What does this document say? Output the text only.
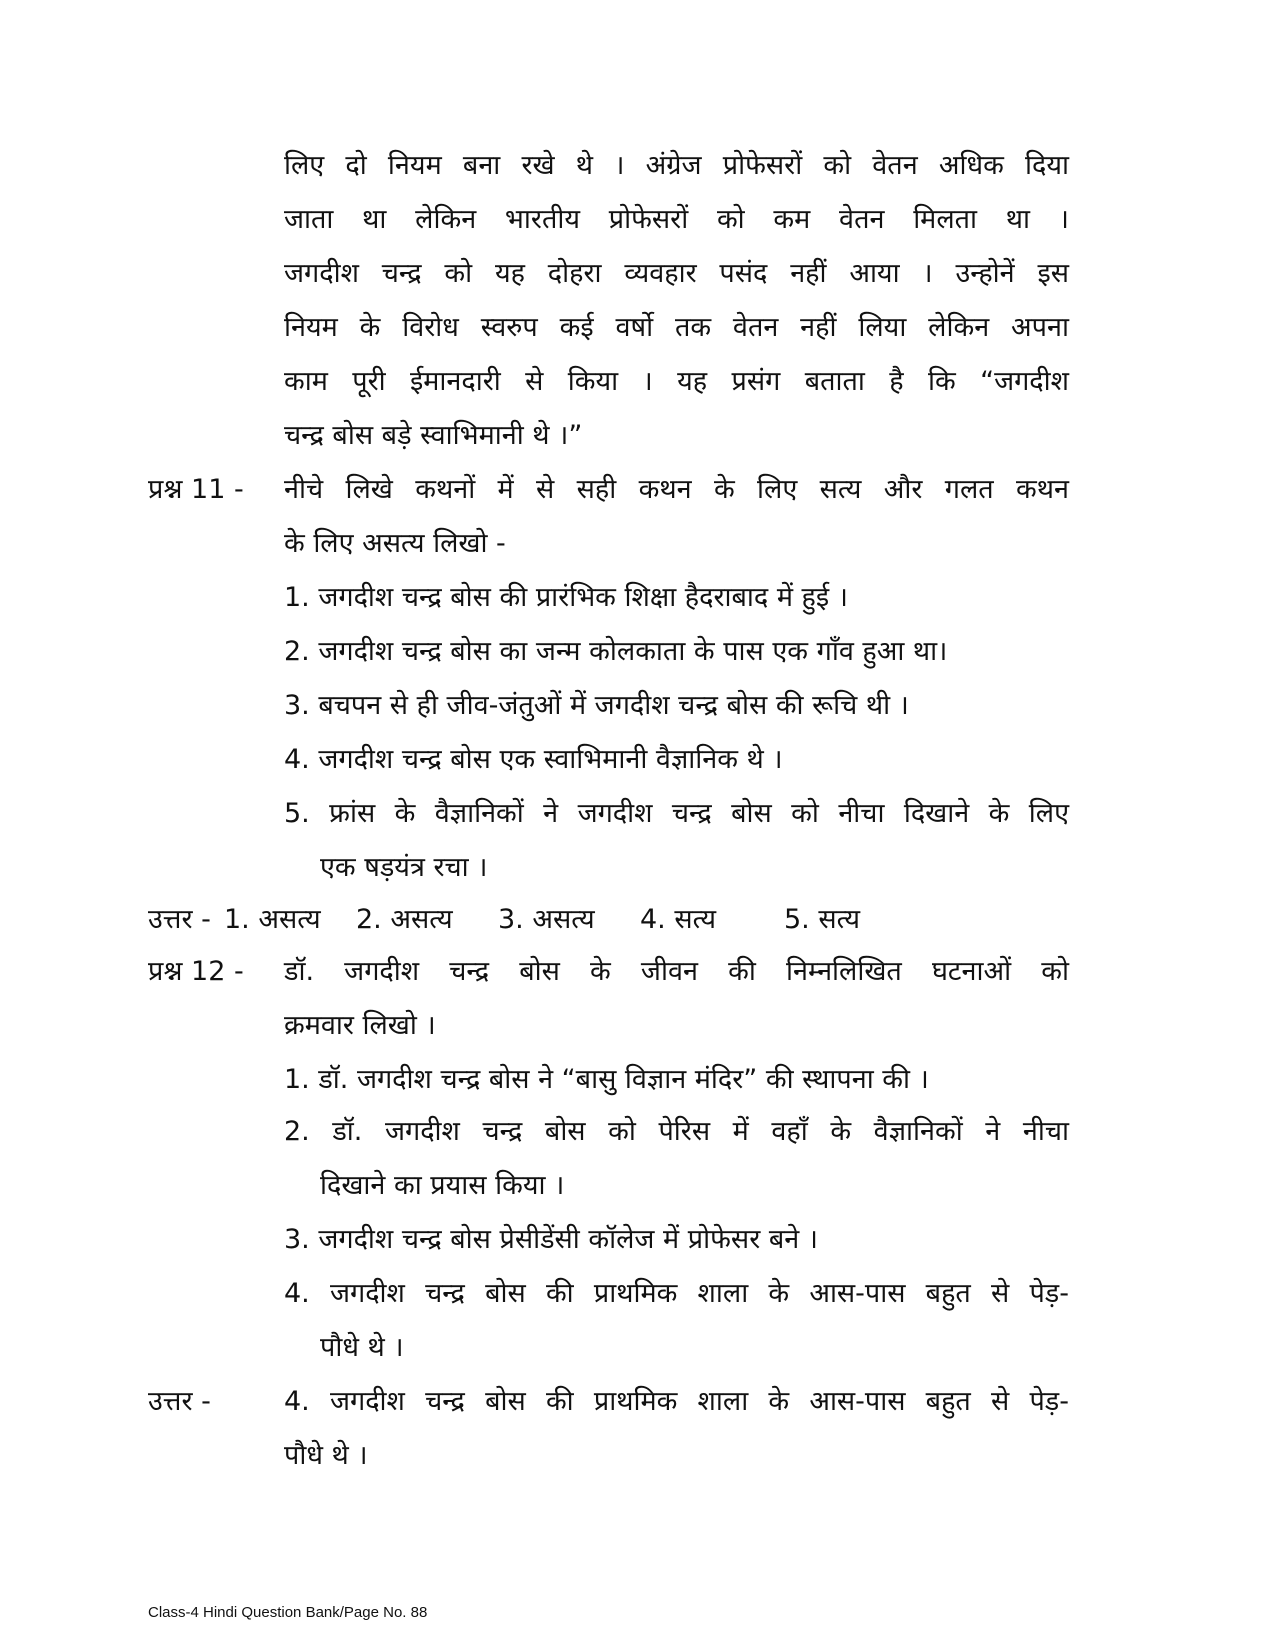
लिए दो नियम बना रखे थे । अंग्रेज प्रोफेसरों को वेतन अधिक दिया
जाता था लेकिन भारतीय प्रोफेसरों को कम वेतन मिलता था ।
जगदीश चन्द्र को यह दोहरा व्यवहार पसंद नहीं आया । उन्होनें इस
नियम के विरोध स्वरुप कई वर्षो तक वेतन नहीं लिया लेकिन अपना
काम पूरी ईमानदारी से किया । यह प्रसंग बताता है कि “जगदीश
चन्द्र बोस बड़े स्वाभिमानी थे ।”
प्रश्न 11 - नीचे लिखे कथनों में से सही कथन के लिए सत्य और गलत कथन
के लिए असत्य लिखो -
1. जगदीश चन्द्र बोस की प्रारंभिक शिक्षा हैदराबाद में हुई ।
2. जगदीश चन्द्र बोस का जन्म कोलकाता के पास एक गाँव हुआ था।
3. बचपन से ही जीव-जंतुओं में जगदीश चन्द्र बोस की रूचि थी ।
4. जगदीश चन्द्र बोस एक स्वाभिमानी वैज्ञानिक थे ।
5. फ्रांस के वैज्ञानिकों ने जगदीश चन्द्र बोस को नीचा दिखाने के लिए
एक षड़यंत्र रचा ।
उत्तर - 1. असत्य 2. असत्य 3. असत्य 4. सत्य	5. सत्य
प्रश्न 12 - डॉ. जगदीश चन्द्र बोस के जीवन की निम्नलिखित घटनाओं को
क्रमवार लिखो ।
1. डॉ. जगदीश चन्द्र बोस ने “बासु विज्ञान मंदिर” की स्थापना की ।
2. डॉ. जगदीश चन्द्र बोस को पेरिस में वहाँ के वैज्ञानिकों ने नीचा
दिखाने का प्रयास किया ।
3. जगदीश चन्द्र बोस प्रेसीडेंसी कॉलेज में प्रोफेसर बने ।
4. जगदीश चन्द्र बोस की प्राथमिक शाला के आस-पास बहुत से पेड़-
पौधे थे ।
उत्तर -	4. जगदीश चन्द्र बोस की प्राथमिक शाला के आस-पास बहुत से पेड़-
पौधे थे ।
Class-4 Hindi Question Bank/Page No. 88
